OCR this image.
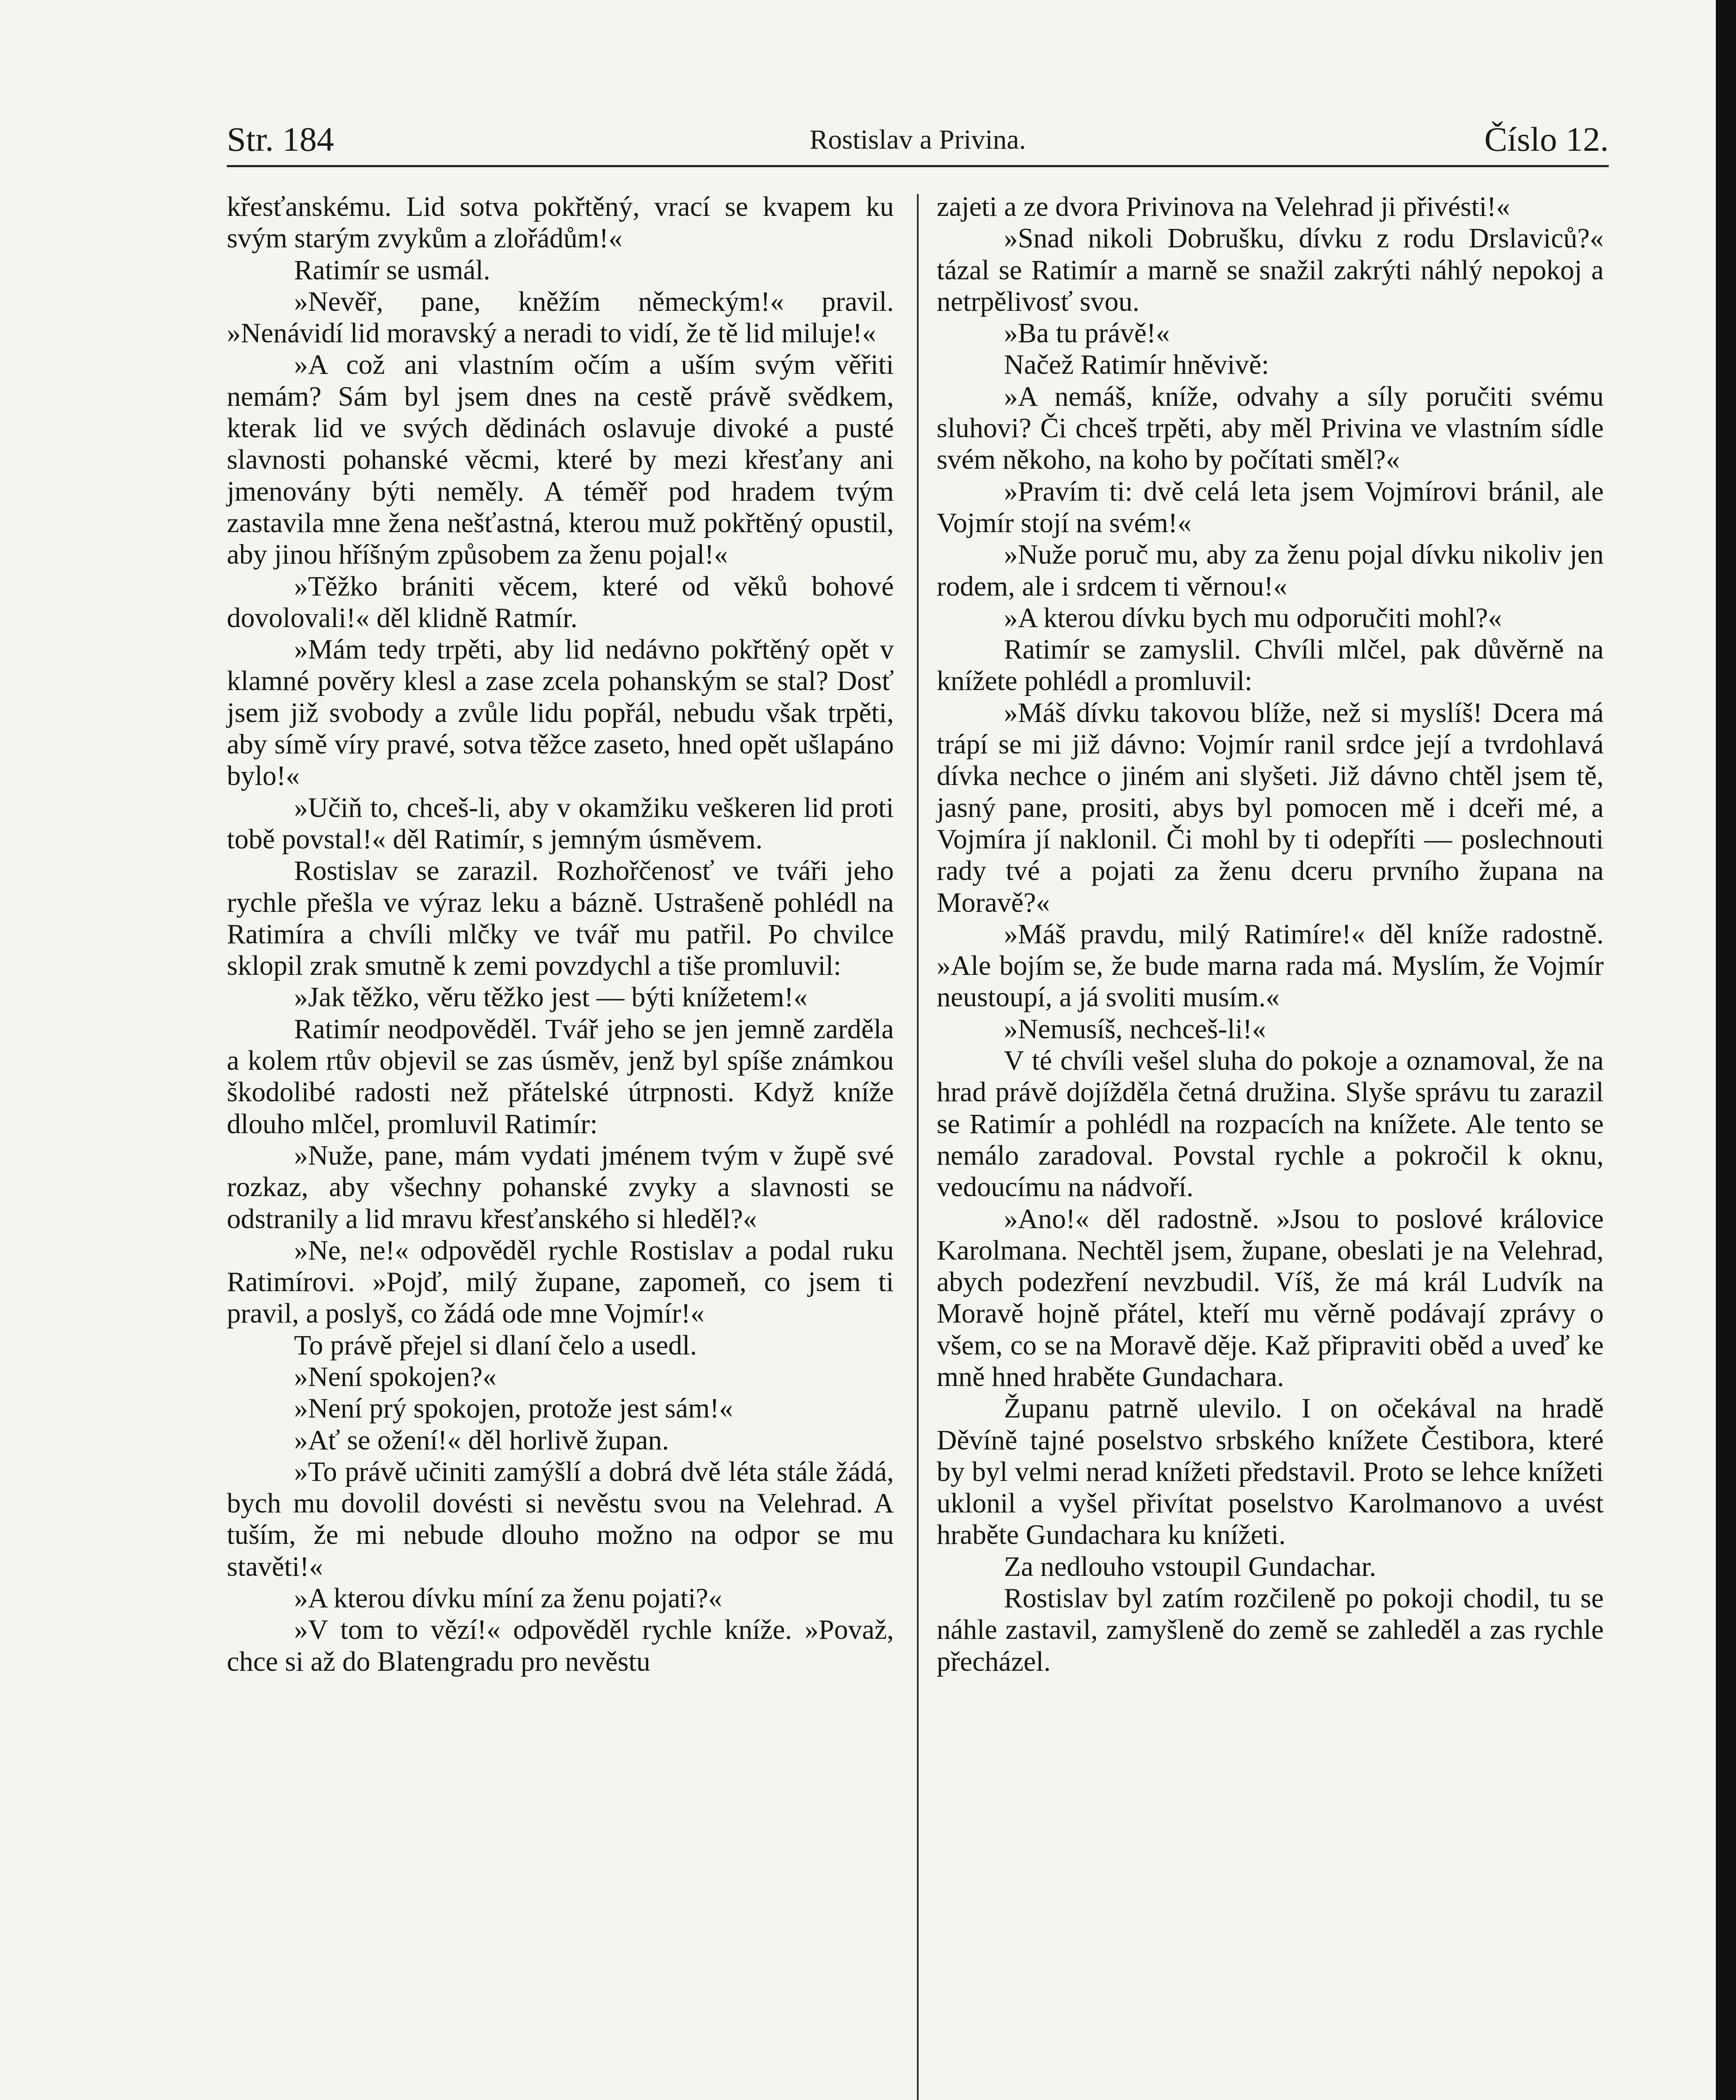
Str. 184	Rostislav a Privina.	Číslo 12.

křesťanskému. Lid sotva pokřtěný, vrací se kvapem ku svým starým zvykům a zlořádům!«

Ratimír se usmál.

»Nevěř, pane, kněžím německým!« pravil. »Nenávidí lid moravský a neradi to vidí, že tě lid miluje!«

»A což ani vlastním očím a uším svým věřiti nemám? Sám byl jsem dnes na cestě právě svědkem, kterak lid ve svých dědinách oslavuje divoké a pusté slavnosti pohanské věcmi, které by mezi křesťany ani jmenovány býti neměly. A téměř pod hradem tvým zastavila mne žena nešťastná, kterou muž pokřtěný opustil, aby jinou hříšným způsobem za ženu pojal!«

»Těžko brániti věcem, které od věků bohové dovolovali!« děl klidně Ratmír.

»Mám tedy trpěti, aby lid nedávno pokřtěný opět v klamné pověry klesl a zase zcela pohanským se stal? Dosť jsem již svobody a zvůle lidu popřál, nebudu však trpěti, aby símě víry pravé, sotva těžce zaseto, hned opět ušlapáno bylo!«

»Učiň to, chceš-li, aby v okamžiku veškeren lid proti tobě povstal!« děl Ratimír, s jemným úsměvem.

Rostislav se zarazil. Rozhořčenosť ve tváři jeho rychle přešla ve výraz leku a bázně. Ustrašeně pohlédl na Ratimíra a chvíli mlčky ve tvář mu patřil. Po chvilce sklopil zrak smutně k zemi povzdychl a tiše promluvil:

»Jak těžko, věru těžko jest — býti knížetem!«

Ratimír neodpověděl. Tvář jeho se jen jemně zarděla a kolem rtův objevil se zas úsměv, jenž byl spíše známkou škodolibé radosti než přátelské útrpnosti. Když kníže dlouho mlčel, promluvil Ratimír:

»Nuže, pane, mám vydati jménem tvým v župě své rozkaz, aby všechny pohanské zvyky a slavnosti se odstranily a lid mravu křesťanského si hleděl?«

»Ne, ne!« odpověděl rychle Rostislav a podal ruku Ratimírovi. »Pojď, milý župane, zapomeň, co jsem ti pravil, a poslyš, co žádá ode mne Vojmír!«

To právě přejel si dlaní čelo a usedl.

»Není spokojen?«

»Není prý spokojen, protože jest sám!«

»Ať se ožení!« děl horlivě župan.

»To právě učiniti zamýšlí a dobrá dvě léta stále žádá, bych mu dovolil dovésti si nevěstu svou na Velehrad. A tuším, že mi nebude dlouho možno na odpor se mu stavěti!«

»A kterou dívku míní za ženu pojati?«

»V tom to vězí!« odpověděl rychle kníže. »Považ, chce si až do Blatengradu pro nevěstu

zajeti a ze dvora Privinova na Velehrad ji přivésti!«

»Snad nikoli Dobrušku, dívku z rodu Drslaviců?« tázal se Ratimír a marně se snažil zakrýti náhlý nepokoj a netrpělivosť svou.

»Ba tu právě!«

Načež Ratimír hněvivě:

»A nemáš, kníže, odvahy a síly poručiti svému sluhovi? Či chceš trpěti, aby měl Privina ve vlastním sídle svém někoho, na koho by počítati směl?«

»Pravím ti: dvě celá leta jsem Vojmírovi bránil, ale Vojmír stojí na svém!«

»Nuže poruč mu, aby za ženu pojal dívku nikoliv jen rodem, ale i srdcem ti věrnou!«

»A kterou dívku bych mu odporučiti mohl?«

Ratimír se zamyslil. Chvíli mlčel, pak důvěrně na knížete pohlédl a promluvil:

»Máš dívku takovou blíže, než si myslíš! Dcera má trápí se mi již dávno: Vojmír ranil srdce její a tvrdohlavá dívka nechce o jiném ani slyšeti. Již dávno chtěl jsem tě, jasný pane, prositi, abys byl pomocen mě i dceři mé, a Vojmíra jí naklonil. Či mohl by ti odepříti — poslechnouti rady tvé a pojati za ženu dceru prvního župana na Moravě?«

»Máš pravdu, milý Ratimíre!« děl kníže radostně. »Ale bojím se, že bude marna rada má. Myslím, že Vojmír neustoupí, a já svoliti musím.«

»Nemusíš, nechceš-li!«

V té chvíli vešel sluha do pokoje a oznamoval, že na hrad právě dojížděla četná družina. Slyše správu tu zarazil se Ratimír a pohlédl na rozpacích na knížete. Ale tento se nemálo zaradoval. Povstal rychle a pokročil k oknu, vedoucímu na nádvoří.

»Ano!« děl radostně. »Jsou to poslové královice Karolmana. Nechtěl jsem, župane, obeslati je na Velehrad, abych podezření nevzbudil. Víš, že má král Ludvík na Moravě hojně přátel, kteří mu věrně podávají zprávy o všem, co se na Moravě děje. Kaž připraviti oběd a uveď ke mně hned hraběte Gundachara.

Županu patrně ulevilo. I on očekával na hradě Děvíně tajné poselstvo srbského knížete Čestibora, které by byl velmi nerad knížeti představil. Proto se lehce knížeti uklonil a vyšel přivítat poselstvo Karolmanovo a uvést hraběte Gundachara ku knížeti.

Za nedlouho vstoupil Gundachar.

Rostislav byl zatím rozčileně po pokoji chodil, tu se náhle zastavil, zamyšleně do země se zahleděl a zas rychle přecházel.
